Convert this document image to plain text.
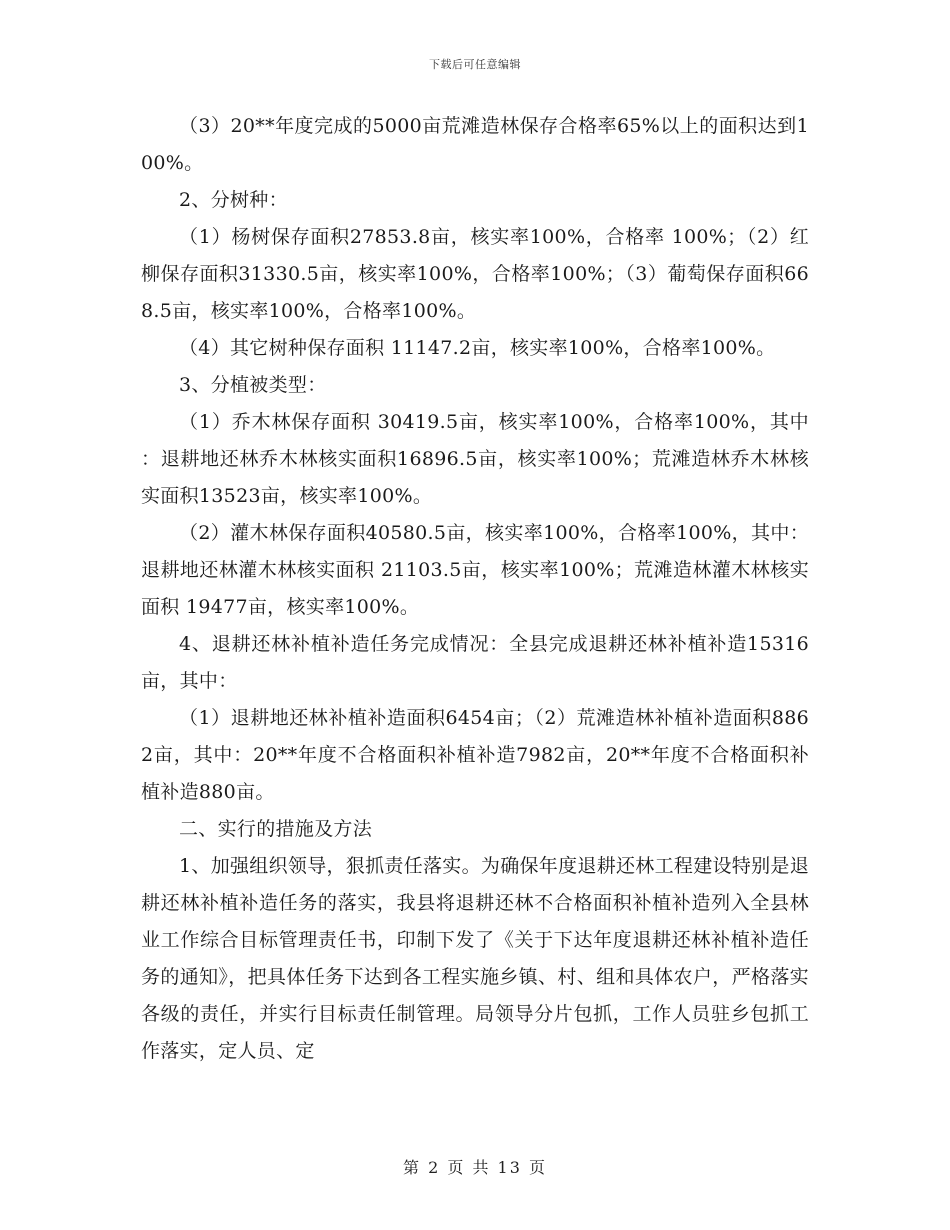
下载后可任意编辑

（3）20**年度完成的5000亩荒滩造林保存合格率65%以上的面积达到100%。

2、分树种：

（1）杨树保存面积27853.8亩，核实率100%，合格率 100%；（2）红柳保存面积31330.5亩，核实率100%，合格率100%；（3）葡萄保存面积668.5亩，核实率100%，合格率100%。

（4）其它树种保存面积 11147.2亩，核实率100%，合格率100%。

3、分植被类型：

（1）乔木林保存面积 30419.5亩，核实率100%，合格率100%，其中 ：退耕地还林乔木林核实面积16896.5亩，核实率100%；荒滩造林乔木林核实面积13523亩，核实率100%。

（2）灌木林保存面积40580.5亩，核实率100%，合格率100%，其中：退耕地还林灌木林核实面积 21103.5亩，核实率100%；荒滩造林灌木林核实面积 19477亩，核实率100%。

4、退耕还林补植补造任务完成情况：全县完成退耕还林补植补造15316亩，其中：

（1）退耕地还林补植补造面积6454亩；（2）荒滩造林补植补造面积8862亩，其中：20**年度不合格面积补植补造7982亩，20**年度不合格面积补植补造880亩。

二、实行的措施及方法

1、加强组织领导，狠抓责任落实。为确保年度退耕还林工程建设特别是退耕还林补植补造任务的落实，我县将退耕还林不合格面积补植补造列入全县林业工作综合目标管理责任书，印制下发了《关于下达年度退耕还林补植补造任务的通知》，把具体任务下达到各工程实施乡镇、村、组和具体农户，严格落实各级的责任，并实行目标责任制管理。局领导分片包抓，工作人员驻乡包抓工作落实，定人员、定

第 2 页 共 13 页
